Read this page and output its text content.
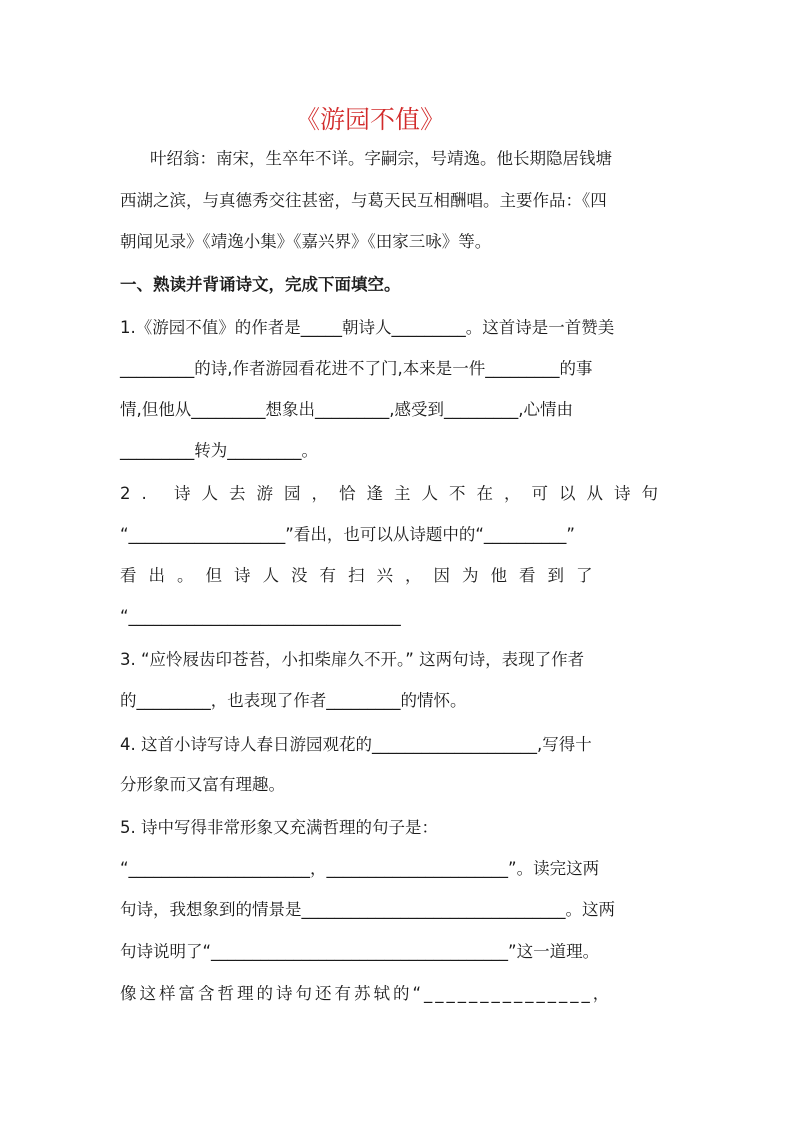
《游园不值》
叶绍翁：南宋，生卒年不详。字嗣宗，号靖逸。他长期隐居钱塘
西湖之滨，与真德秀交往甚密，与葛天民互相酬唱。主要作品：《四
朝闻见录》《靖逸小集》《嘉兴界》《田家三咏》等。
一、熟读并背诵诗文，完成下面填空。
1.《游园不值》的作者是_____朝诗人_________。这首诗是一首赞美
_________的诗,作者游园看花进不了门,本来是一件_________的事
情,但他从_________想象出_________,感受到_________,心情由
_________转为_________。
2. 诗人去游园，恰逢主人不在，可以从诗句
“___________________”看出，也可以从诗题中的“__________”
看出。但诗人没有扫兴，因为他看到了
“_________________________________
3. “应怜屐齿印苍苔，小扣柴扉久不开。” 这两句诗，表现了作者
的_________，也表现了作者_________的情怀。
4. 这首小诗写诗人春日游园观花的____________________,写得十
分形象而又富有理趣。
5. 诗中写得非常形象又充满哲理的句子是：
“______________________，______________________”。读完这两
句诗，我想象到的情景是________________________________。这两
句诗说明了“____________________________________”这一道理。
像这样富含哲理的诗句还有苏轼的“_______________，
